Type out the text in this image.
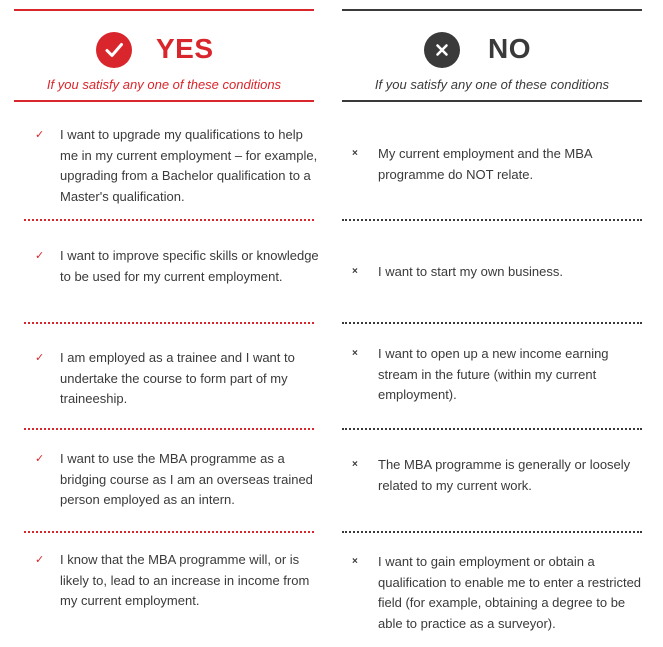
YES
If you satisfy any one of these conditions
✓ I want to upgrade my qualifications to help me in my current employment – for example, upgrading from a Bachelor qualification to a Master's qualification.
✓ I want to improve specific skills or knowledge to be used for my current employment.
✓ I am employed as a trainee and I want to undertake the course to form part of my traineeship.
✓ I want to use the MBA programme as a bridging course as I am an overseas trained person employed as an intern.
✓ I know that the MBA programme will, or is likely to, lead to an increase in income from my current employment.
NO
If you satisfy any one of these conditions
× My current employment and the MBA programme do NOT relate.
× I want to start my own business.
× I want to open up a new income earning stream in the future (within my current employment).
× The MBA programme is generally or loosely related to my current work.
× I want to gain employment or obtain a qualification to enable me to enter a restricted field (for example, obtaining a degree to be able to practice as a surveyor).
